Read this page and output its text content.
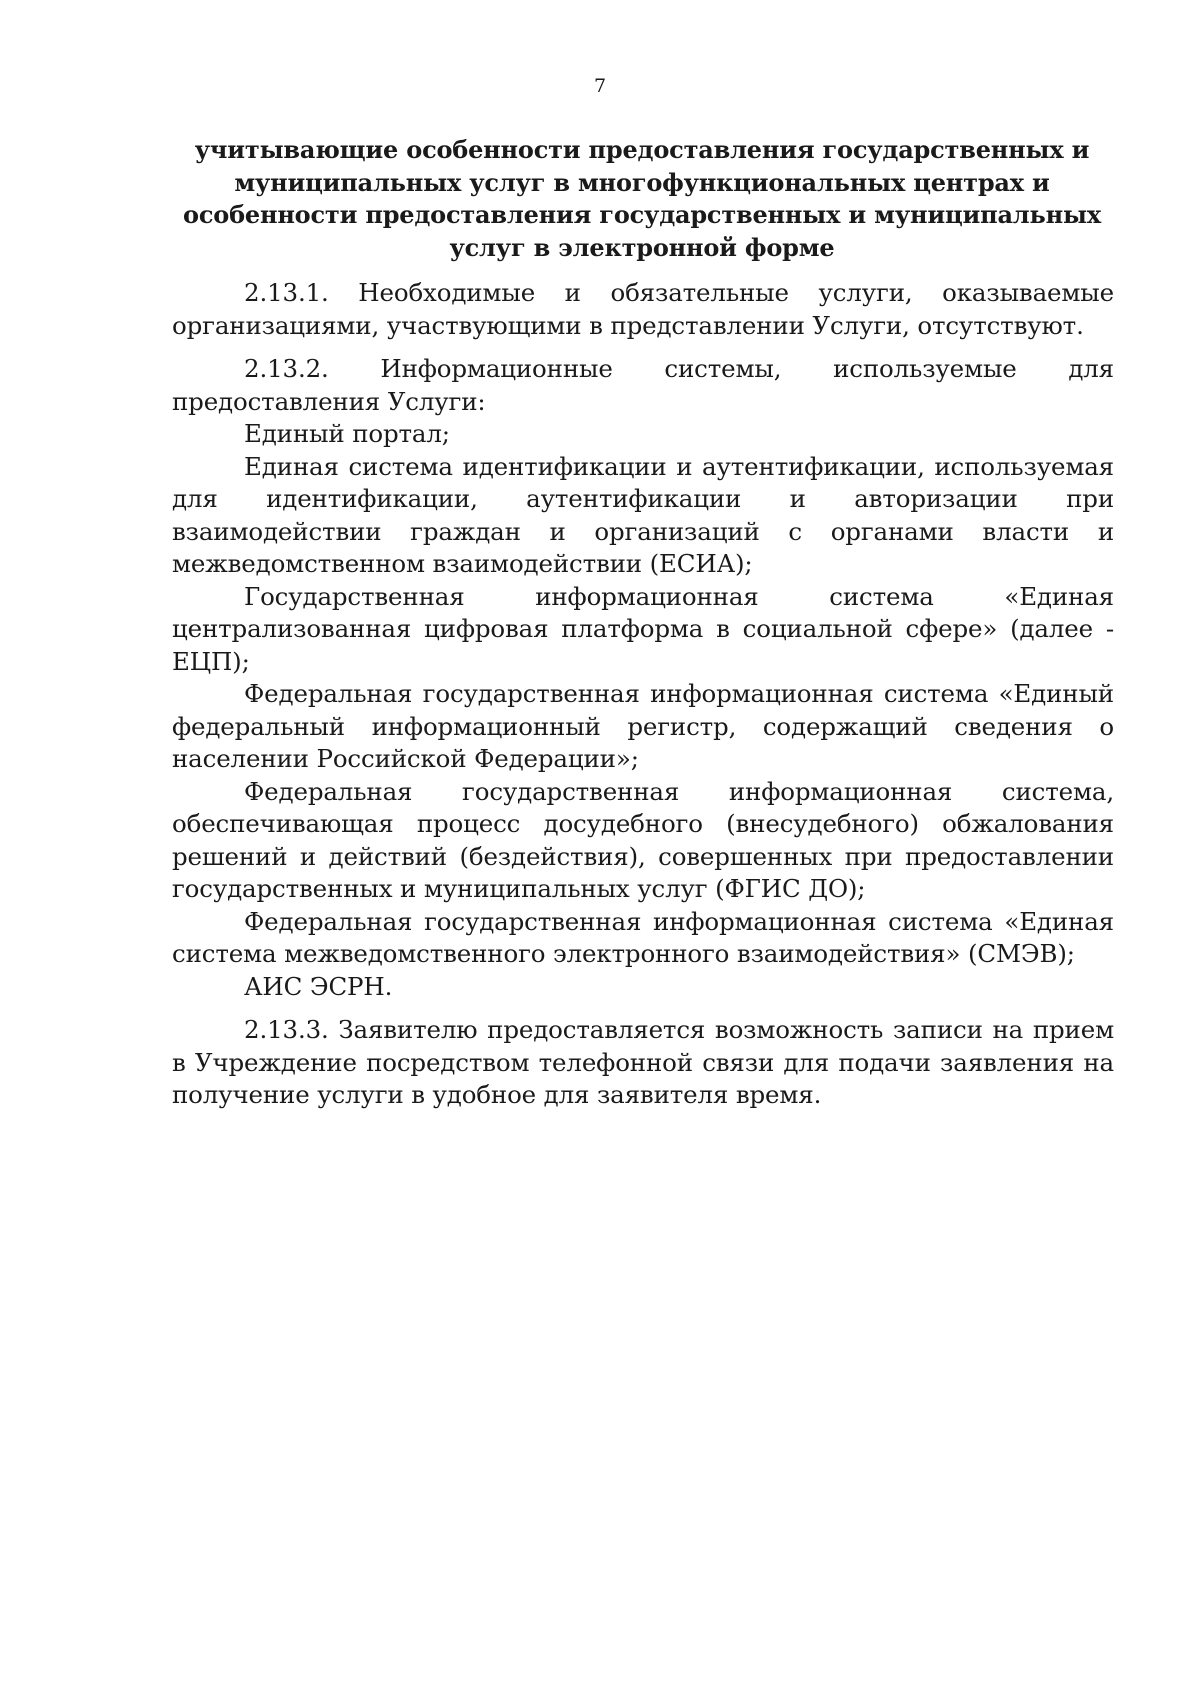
7
учитывающие особенности предоставления государственных и муниципальных услуг в многофункциональных центрах и особенности предоставления государственных и муниципальных услуг в электронной форме

2.13.1. Необходимые и обязательные услуги, оказываемые организациями, участвующими в представлении Услуги, отсутствуют.

2.13.2. Информационные системы, используемые для предоставления Услуги:

Единый портал;

Единая система идентификации и аутентификации, используемая для идентификации, аутентификации и авторизации при взаимодействии граждан и организаций с органами власти и межведомственном взаимодействии (ЕСИА);

Государственная информационная система «Единая централизованная цифровая платформа в социальной сфере» (далее - ЕЦП);

Федеральная государственная информационная система «Единый федеральный информационный регистр, содержащий сведения о населении Российской Федерации»;

Федеральная государственная информационная система, обеспечивающая процесс досудебного (внесудебного) обжалования решений и действий (бездействия), совершенных при предоставлении государственных и муниципальных услуг (ФГИС ДО);

Федеральная государственная информационная система «Единая система межведомственного электронного взаимодействия» (СМЭВ);

АИС ЭСРН.

2.13.3. Заявителю предоставляется возможность записи на прием в Учреждение посредством телефонной связи для подачи заявления на получение услуги в удобное для заявителя время.
